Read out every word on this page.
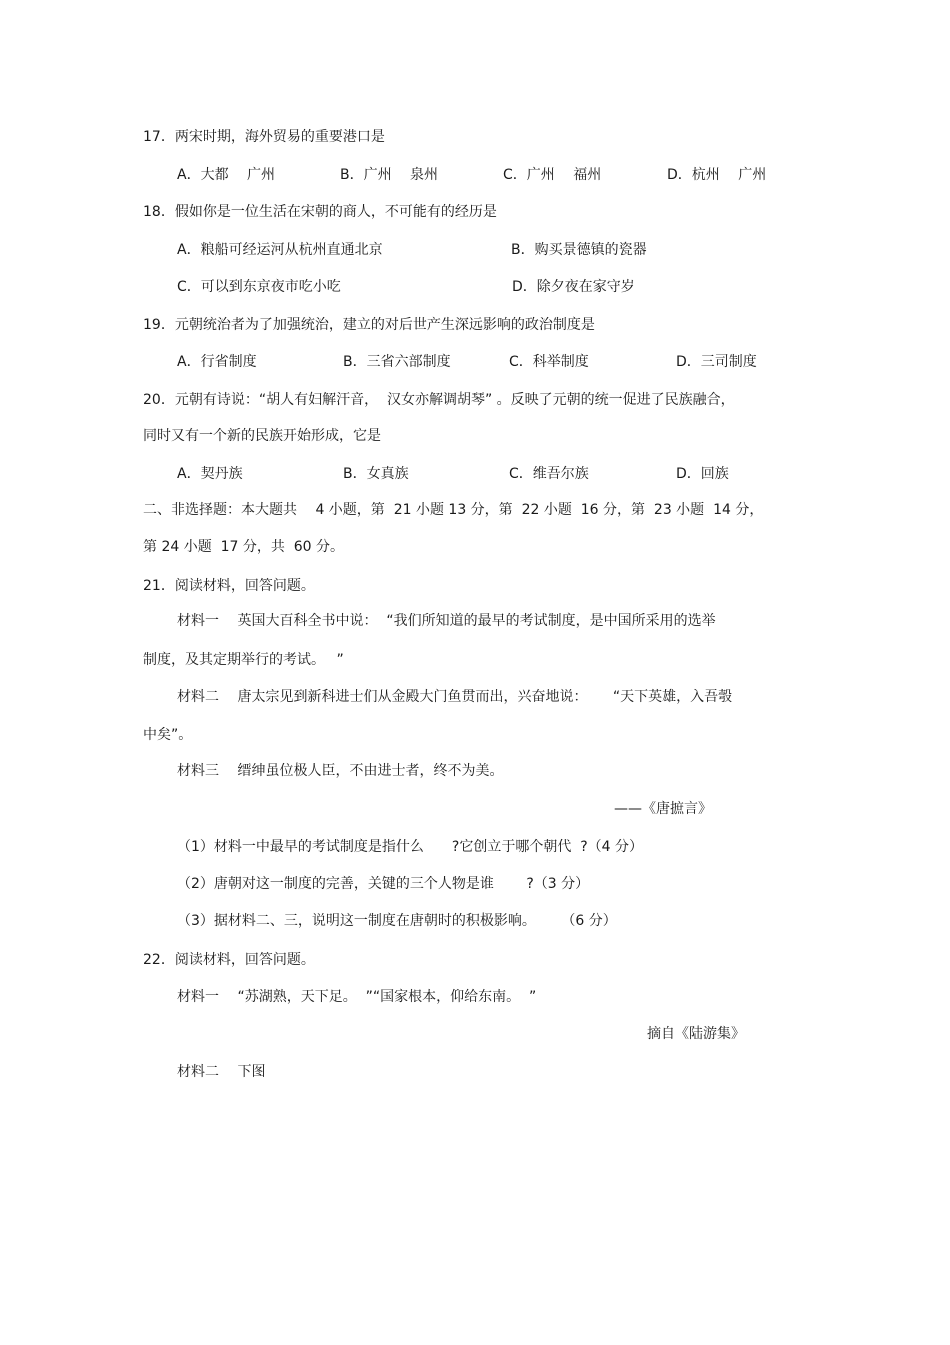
17．两宋时期，海外贸易的重要港口是
A．大都　 广州	B．广州　 泉州	C．广州　 福州	D．杭州　 广州
18．假如你是一位生活在宋朝的商人，不可能有的经历是
A．粮船可经运河从杭州直通北京	B．购买景德镇的瓷器
C．可以到东京夜市吃小吃	D．除夕夜在家守岁
19．元朝统治者为了加强统治，建立的对后世产生深远影响的政治制度是
A．行省制度	B．三省六部制度	C．科举制度	D．三司制度
20．元朝有诗说：“胡人有妇解汗音，  汉女亦解调胡琴” 。反映了元朝的统一促进了民族融合，
同时又有一个新的民族开始形成，它是
A．契丹族	B．女真族	C．维吾尔族	D．回族
二、非选择题：本大题共　 4 小题，第  21 小题 13 分，第  22 小题  16 分，第  23 小题  14 分，
第 24 小题  17 分，共  60 分。
21．阅读材料，回答问题。
材料一　 英国大百科全书中说：  “我们所知道的最早的考试制度，是中国所采用的选举
制度，及其定期举行的考试。　 ”
材料二　 唐太宗见到新科进士们从金殿大门鱼贯而出，兴奋地说：　　 “天下英雄，入吾彀
中矣”。
材料三　 缙绅虽位极人臣，不由进士者，终不为美。
——《唐摭言》
（1）材料一中最早的考试制度是指什么　　?它创立于哪个朝代  ?（4 分）
（2）唐朝对这一制度的完善，关键的三个人物是谁　　 ?（3 分）
（3）据材料二、三，说明这一制度在唐朝时的积极影响。　　 （6 分）
22．阅读材料，回答问题。
材料一　 “苏湖熟，天下足。  ”“国家根本，仰给东南。  ”
摘自《陆游集》
材料二　 下图
